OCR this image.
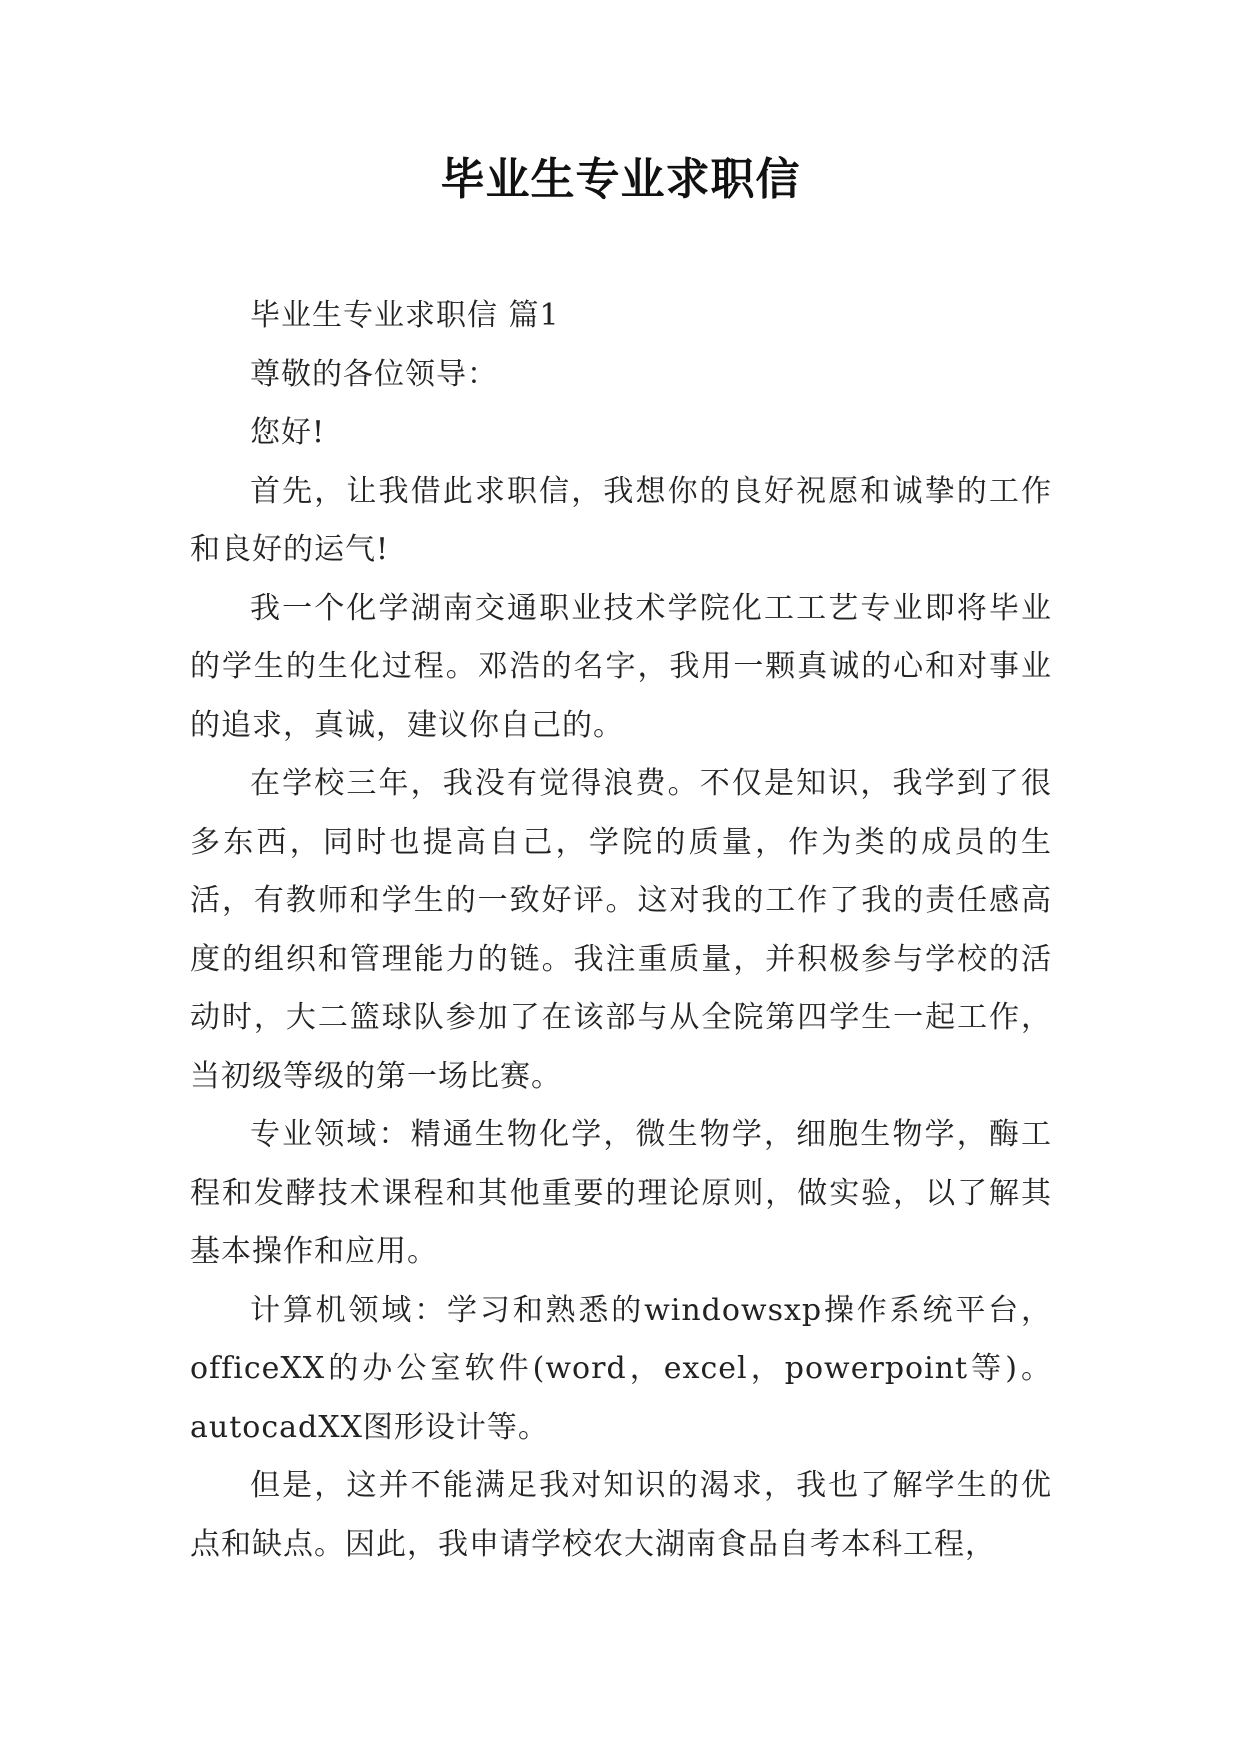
毕业生专业求职信

毕业生专业求职信 篇1

尊敬的各位领导：

您好!

首先，让我借此求职信，我想你的良好祝愿和诚挚的工作和良好的运气!

我一个化学湖南交通职业技术学院化工工艺专业即将毕业的学生的生化过程。邓浩的名字，我用一颗真诚的心和对事业的追求，真诚，建议你自己的。

在学校三年，我没有觉得浪费。不仅是知识，我学到了很多东西，同时也提高自己，学院的质量，作为类的成员的生活，有教师和学生的一致好评。这对我的工作了我的责任感高度的组织和管理能力的链。我注重质量，并积极参与学校的活动时，大二篮球队参加了在该部与从全院第四学生一起工作，当初级等级的第一场比赛。

专业领域：精通生物化学，微生物学，细胞生物学，酶工程和发酵技术课程和其他重要的理论原则，做实验，以了解其基本操作和应用。

计算机领域：学习和熟悉的windowsxp操作系统平台，officeXX的办公室软件(word，excel，powerpoint等)。autocadXX图形设计等。

但是，这并不能满足我对知识的渴求，我也了解学生的优点和缺点。因此，我申请学校农大湖南食品自考本科工程，
